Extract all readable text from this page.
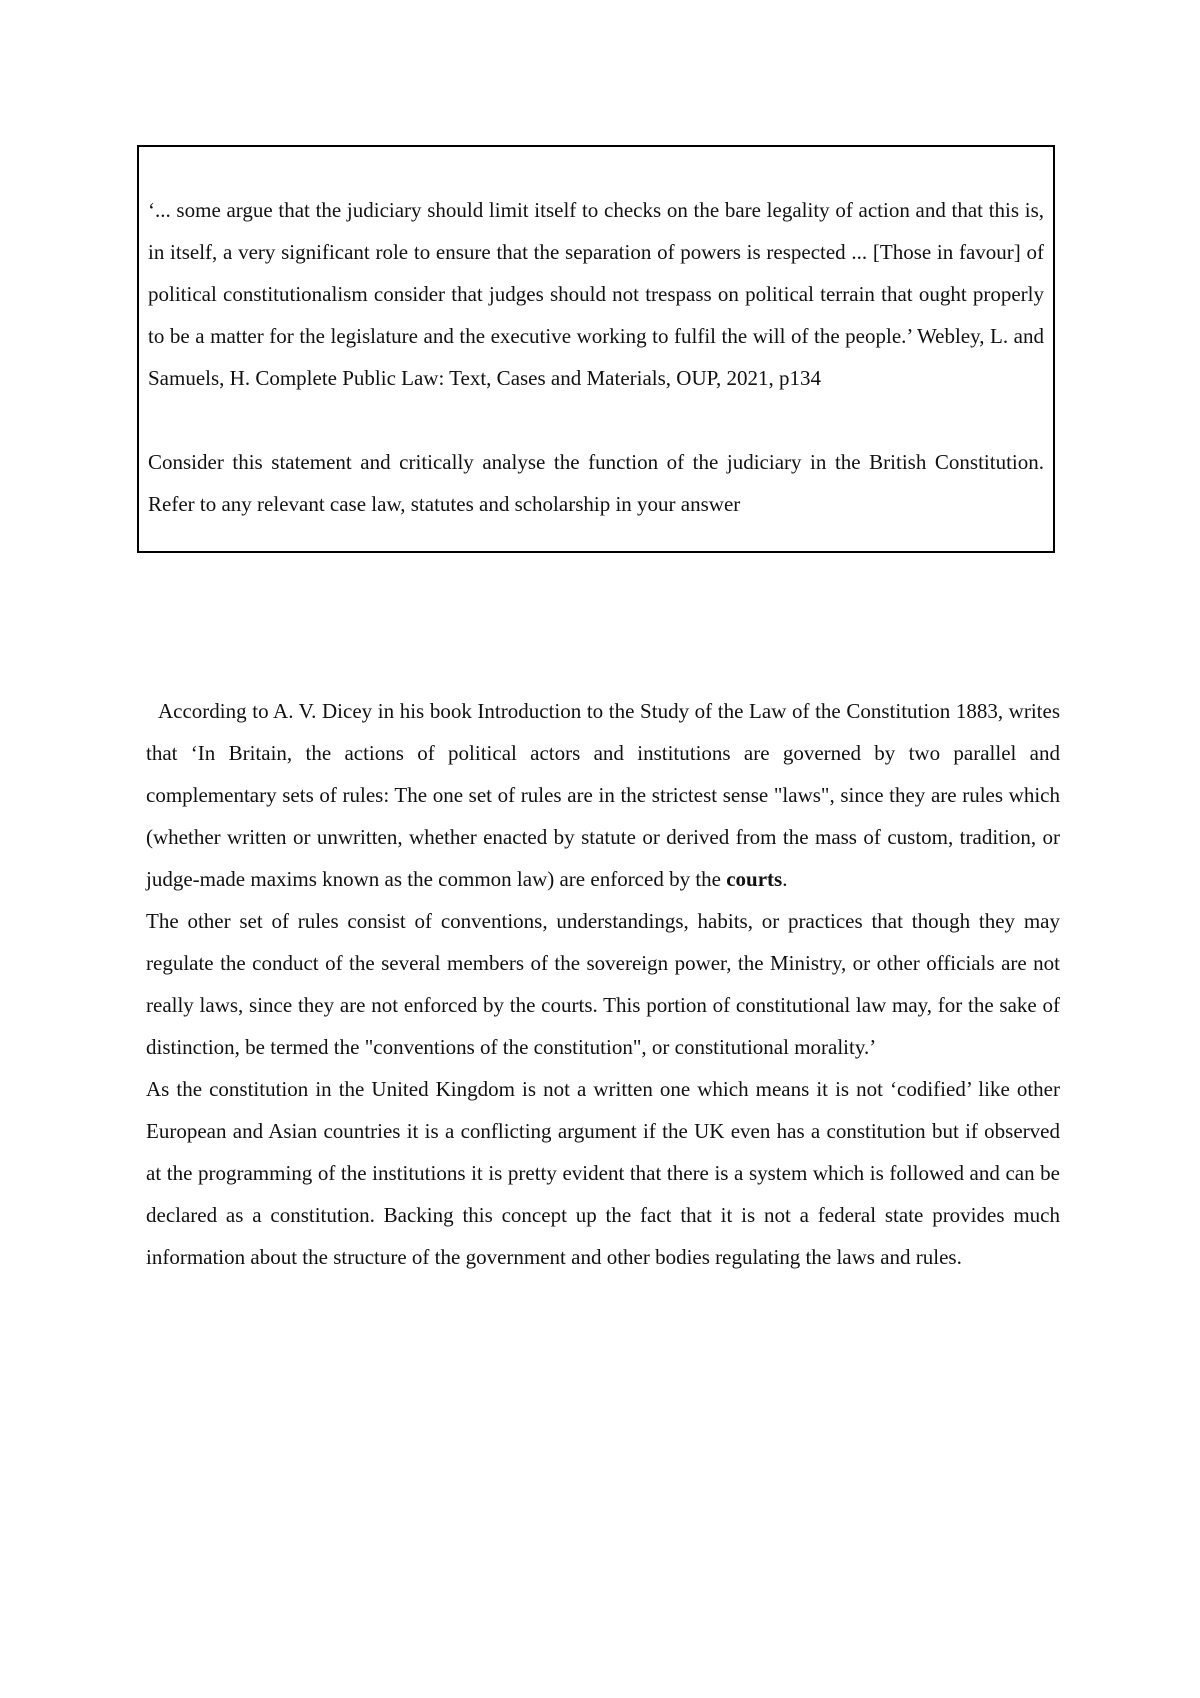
‘... some argue that the judiciary should limit itself to checks on the bare legality of action and that this is, in itself, a very significant role to ensure that the separation of powers is respected ... [Those in favour] of political constitutionalism consider that judges should not trespass on political terrain that ought properly to be a matter for the legislature and the executive working to fulfil the will of the people.’ Webley, L. and Samuels, H. Complete Public Law: Text, Cases and Materials, OUP, 2021, p134

Consider this statement and critically analyse the function of the judiciary in the British Constitution. Refer to any relevant case law, statutes and scholarship in your answer

According to A. V. Dicey in his book Introduction to the Study of the Law of the Constitution 1883, writes that ‘In Britain, the actions of political actors and institutions are governed by two parallel and complementary sets of rules: The one set of rules are in the strictest sense "laws", since they are rules which (whether written or unwritten, whether enacted by statute or derived from the mass of custom, tradition, or judge-made maxims known as the common law) are enforced by the courts.

The other set of rules consist of conventions, understandings, habits, or practices that though they may regulate the conduct of the several members of the sovereign power, the Ministry, or other officials are not really laws, since they are not enforced by the courts. This portion of constitutional law may, for the sake of distinction, be termed the "conventions of the constitution", or constitutional morality.’

As the constitution in the United Kingdom is not a written one which means it is not ‘codified’ like other European and Asian countries it is a conflicting argument if the UK even has a constitution but if observed at the programming of the institutions it is pretty evident that there is a system which is followed and can be declared as a constitution. Backing this concept up the fact that it is not a federal state provides much information about the structure of the government and other bodies regulating the laws and rules.
